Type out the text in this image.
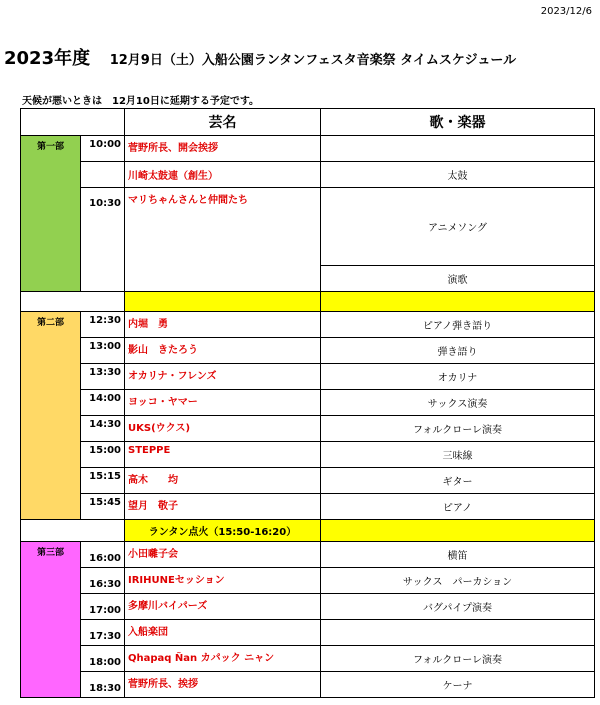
2023/12/6
2023年度 12月9日（土）入船公園ランタンフェスタ音楽祭 タイムスケジュール
天候が悪いときは　12月10日に延期する予定です。
		芸名	歌・楽器
第一部	10:00	菅野所長、開会挨拶	
		川崎太鼓連（創生）	太鼓
	10:30	マリちゃんさんと仲間たち	アニメソング
			演歌

第二部	12:30	内堀　勇	ピアノ弾き語り
	13:00	影山　きたろう	弾き語り
	13:30	オカリナ・フレンズ	オカリナ
	14:00	ヨッコ・ヤマー	サックス演奏
	14:30	UKS(ウクス)	フォルクローレ演奏
	15:00	STEPPE	三味線
	15:15	高木　　均	ギター
	15:45	望月　敬子	ピアノ
		ランタン点火（15:50-16:20）	
第三部	16:00	小田囃子会	横笛
	16:30	IRIHUNEセッション	サックス　パーカション
	17:00	多摩川バイパーズ	バグパイプ演奏
	17:30	入船楽団	
	18:00	Qhapaq Ñan カパック ニャン	フォルクローレ演奏
	18:30	菅野所長、挨拶	ケーナ
